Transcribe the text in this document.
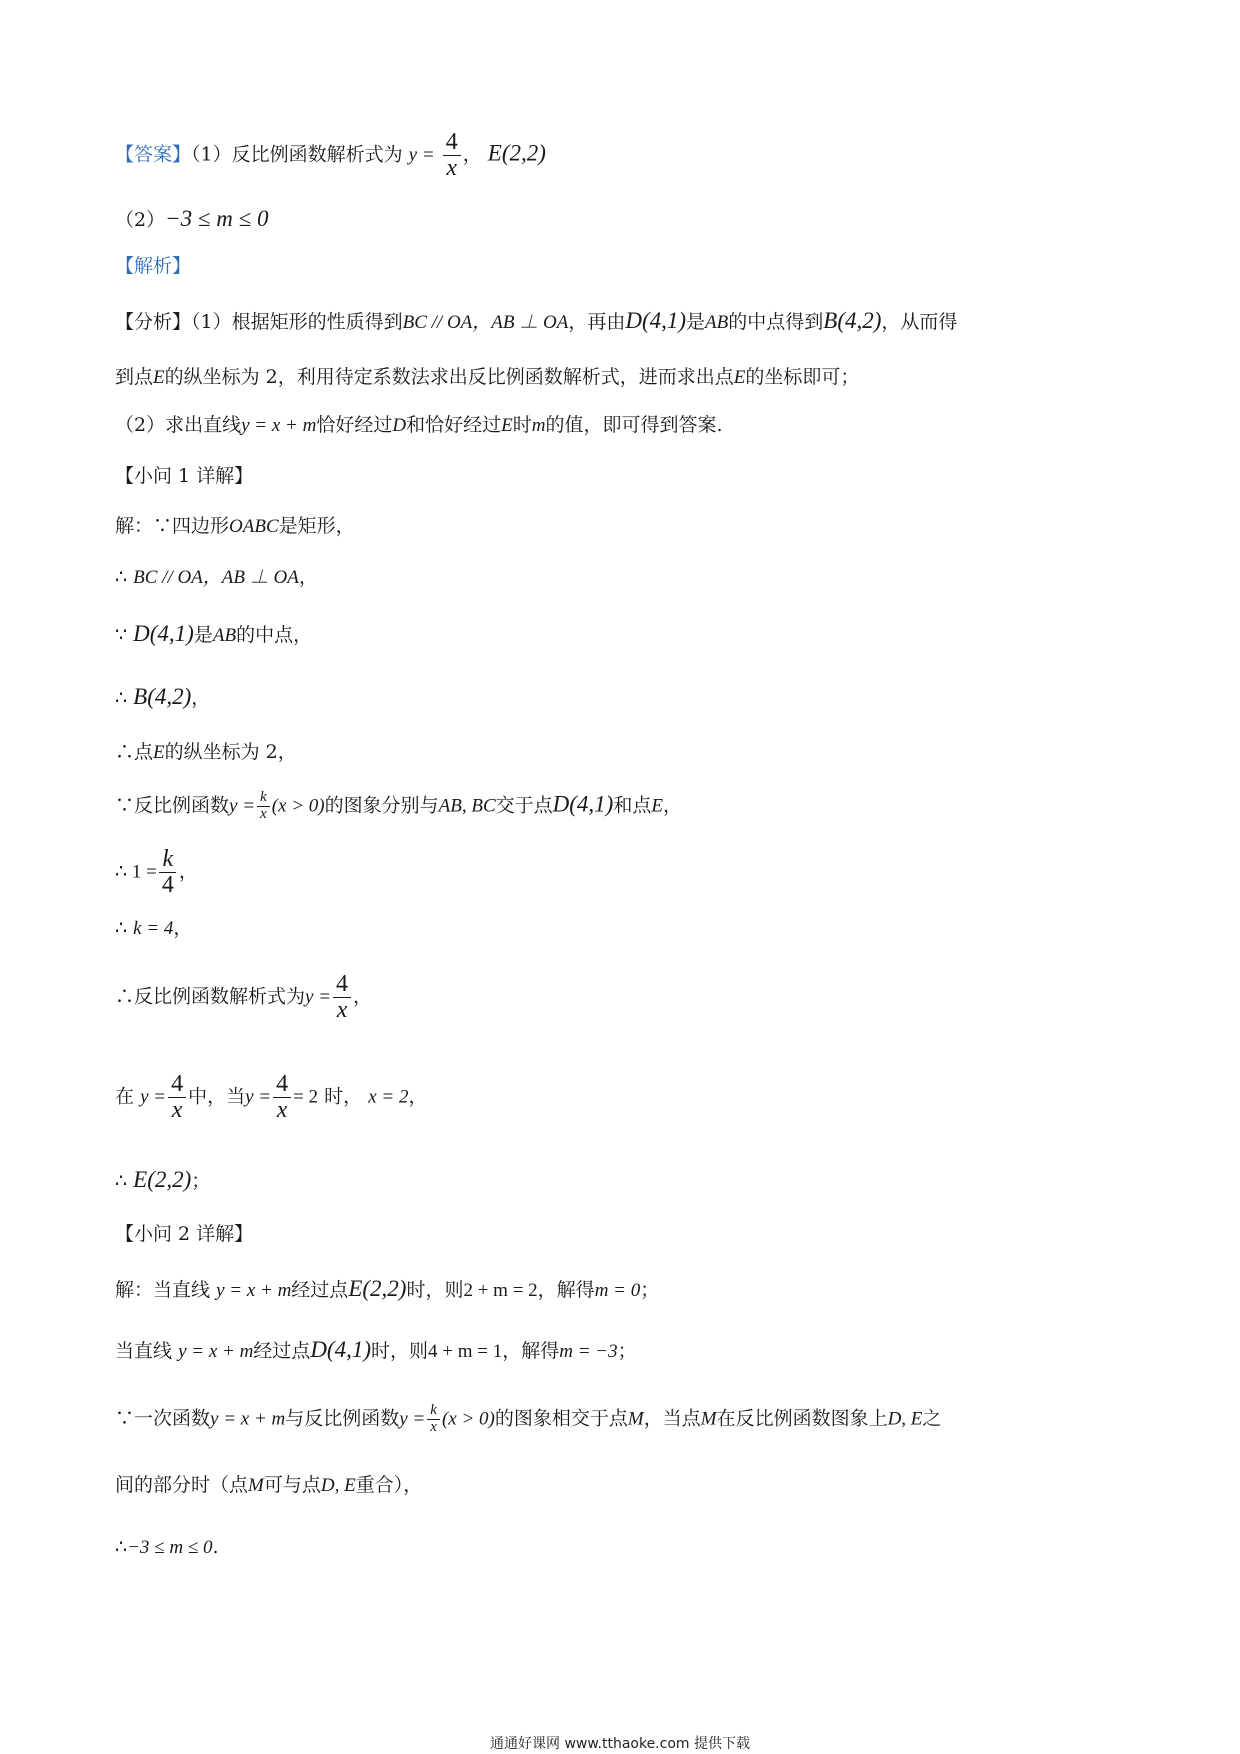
【答案】（1）反比例函数解析式为 $y = \frac{4}{x}$ ， E(2,2)
（2）−3 ≤ m ≤ 0
【解析】
【分析】（1）根据矩形的性质得到BC // OA，AB ⊥ OA，再由D(4,1)是AB的中点得到B(4,2)，从而得
到点E的纵坐标为 2，利用待定系数法求出反比例函数解析式，进而求出点E的坐标即可；
（2）求出直线y = x + m恰好经过D和恰好经过E时m的值，即可得到答案.
【小问 1 详解】
解：∵四边形OABC是矩形，
∴ BC // OA，AB ⊥ OA，
∵ D(4,1)是AB的中点，
∴ B(4,2)，
∴点E的纵坐标为 2，
∵反比例函数$y = \frac{k}{x} (x > 0)$的图象分别与AB, BC交于点D(4,1)和点E，
∴ $1 = \frac{k}{4}$ ，
∴ k = 4，
∴反比例函数解析式为$y = \frac{4}{x}$ ，
在 $y = \frac{4}{x}$ 中，当$y = \frac{4}{x} = 2$ 时， x = 2，
∴ E(2,2)；
【小问 2 详解】
解：当直线 y = x + m经过点E(2,2)时，则2 + m = 2，解得m = 0；
当直线 y = x + m经过点D(4,1)时，则4 + m = 1，解得m = −3；
∵一次函数y = x + m与反比例函数$y = \frac{k}{x} (x > 0)$的图象相交于点M，当点M在反比例函数图象上D, E之
间的部分时（点M可与点D, E重合），
∴−3 ≤ m ≤ 0.
通通好课网 www.tthaoke.com 提供下载
